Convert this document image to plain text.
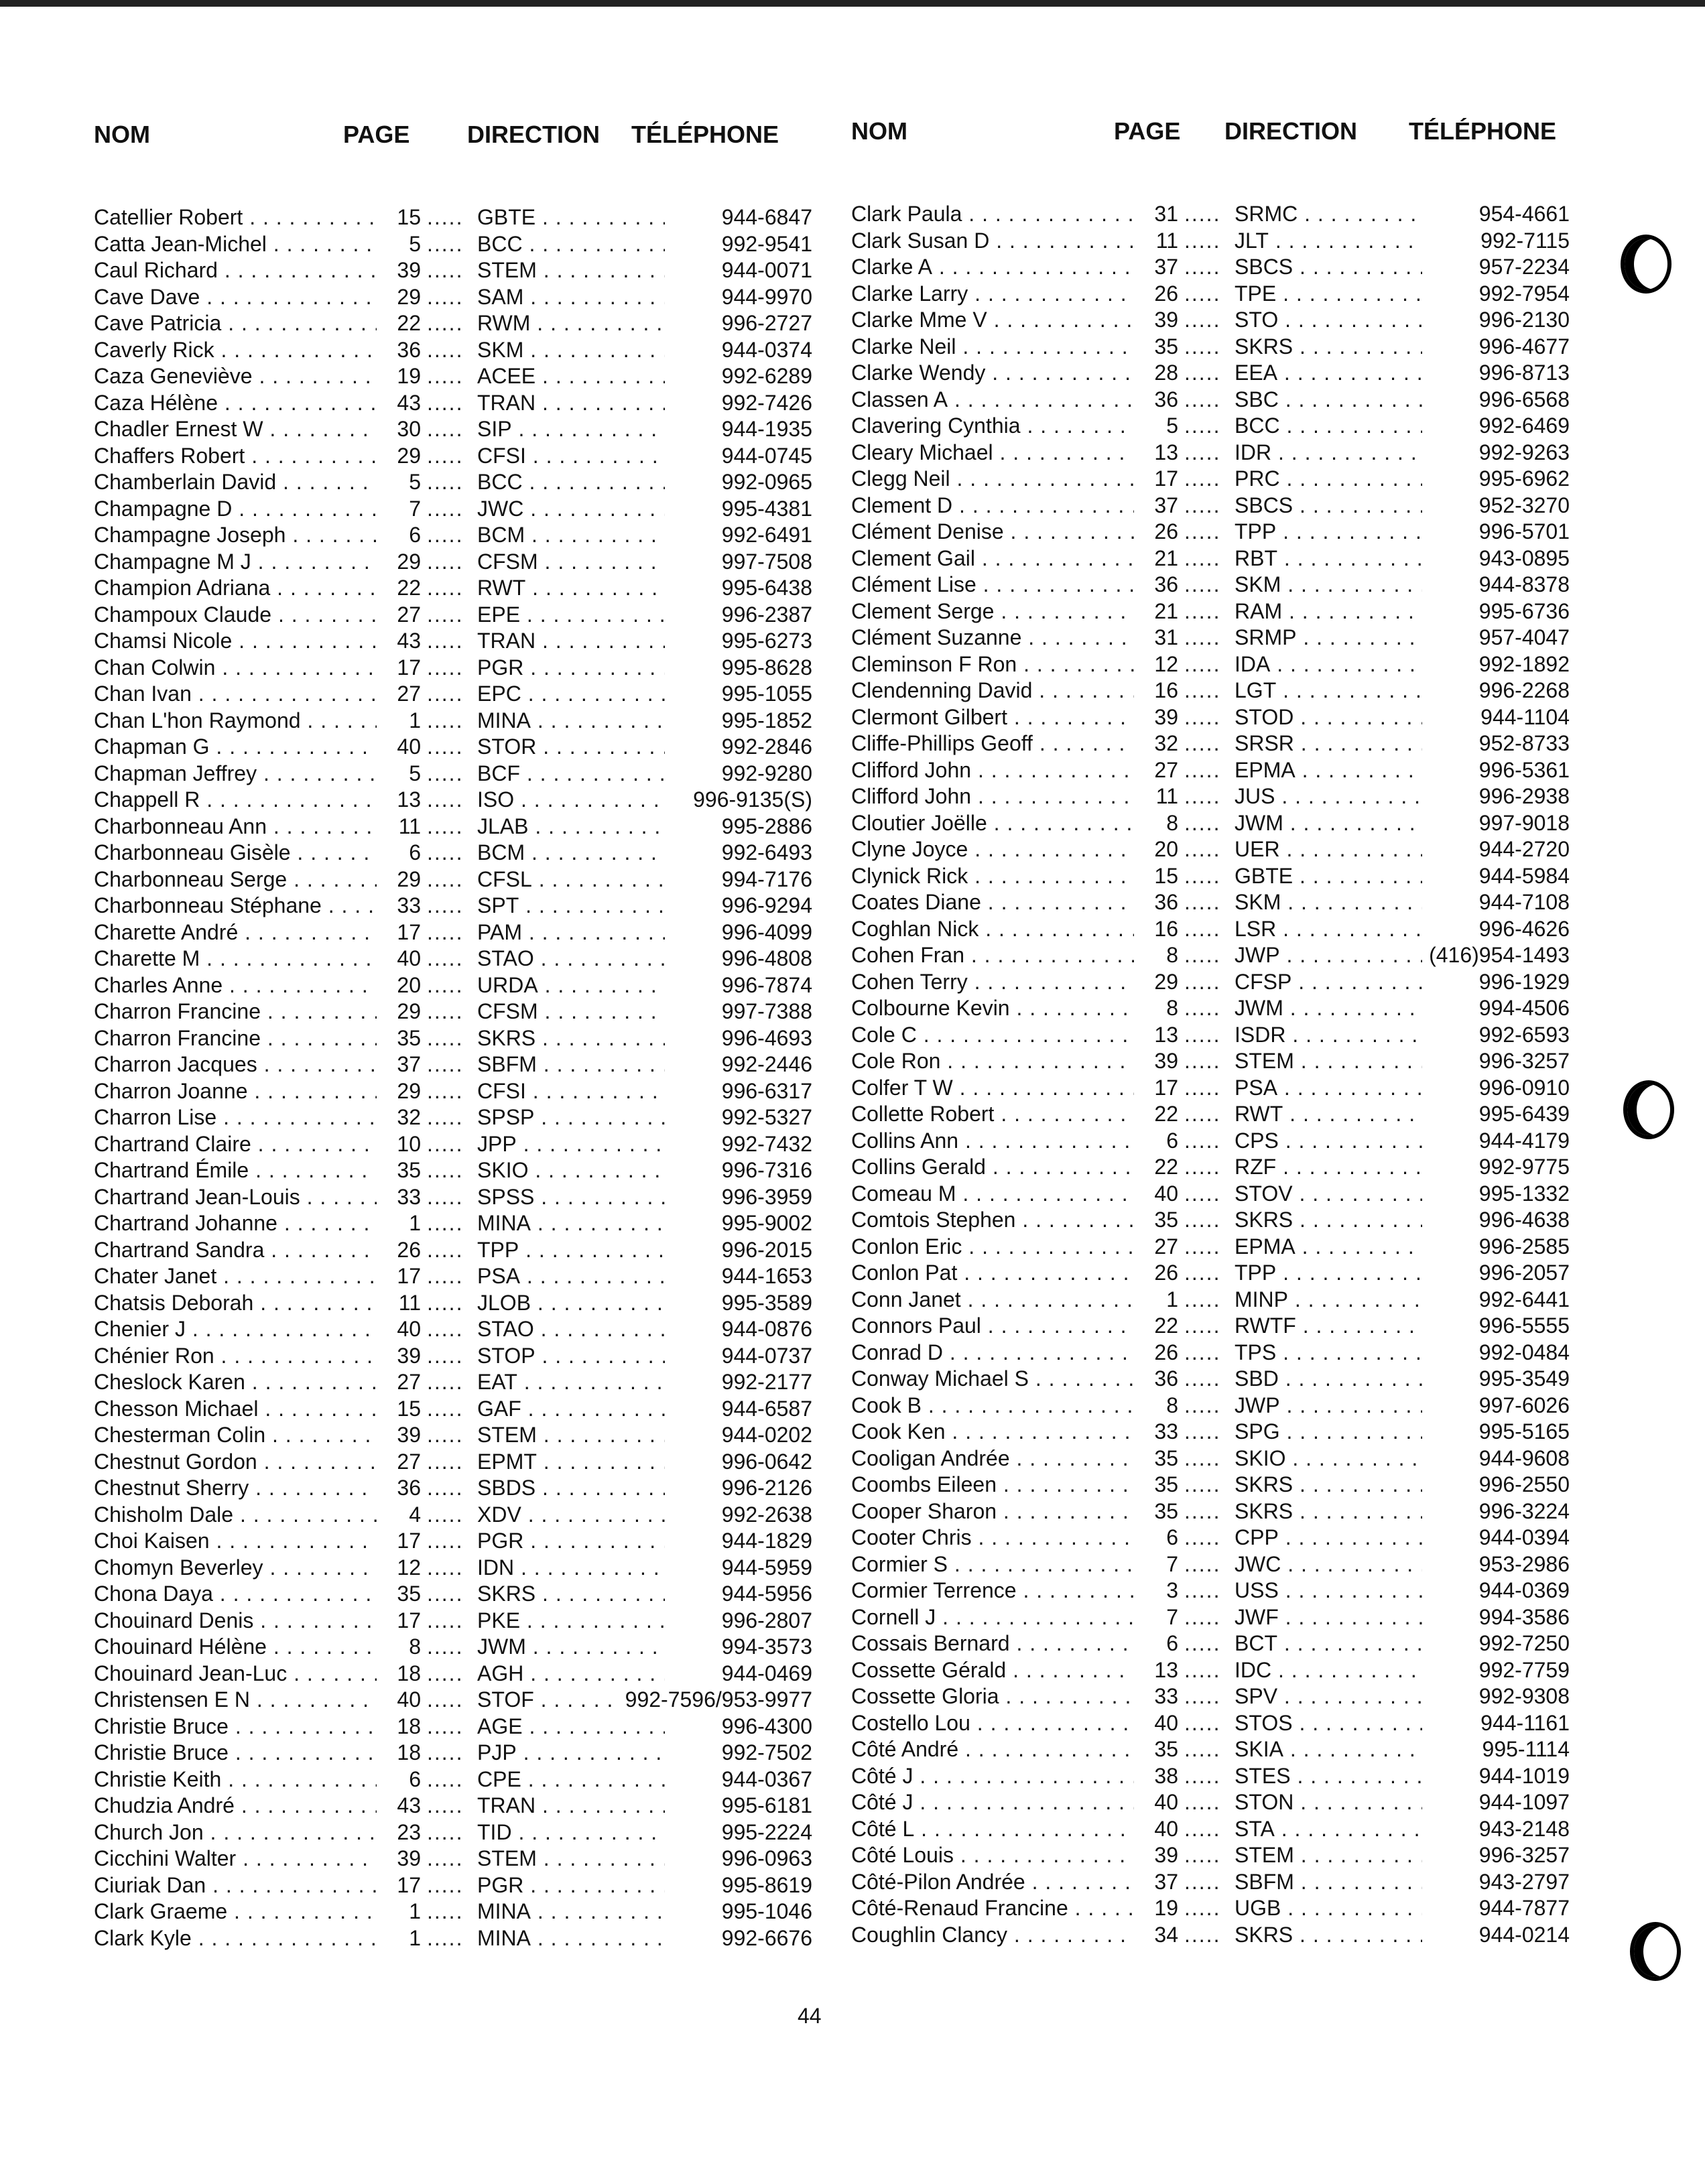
NOM	PAGE DIRECTION TÉLÉPHONE
Catellier Robert . . .	15 ..... GBTE . . .	944-6847
Catta Jean-Michel . . .	5 ..... BCC . . .	992-9541
Caul Richard . . .	39 ..... STEM . . .	944-0071
Cave Dave . . .	29 ..... SAM . . .	944-9970
Cave Patricia . . .	22 ..... RWM . . .	996-2727
Caverly Rick . . .	36 ..... SKM . . .	944-0374
Caza Geneviève . . .	19 ..... ACEE . . .	992-6289
Caza Hélène . . .	43 ..... TRAN . . .	992-7426
Chadler Ernest W . . .	30 ..... SIP . . .	944-1935
Chaffers Robert . . .	29 ..... CFSI . . .	944-0745
Chamberlain David . . .	5 ..... BCC . . .	992-0965
Champagne D . . .	7 ..... JWC . . .	995-4381
Champagne Joseph . . .	6 ..... BCM . . .	992-6491
Champagne M J . . .	29 ..... CFSM . . .	997-7508
Champion Adriana . . .	22 ..... RWT . . .	995-6438
Champoux Claude . . .	27 ..... EPE . . .	996-2387
Chamsi Nicole . . .	43 ..... TRAN . . .	995-6273
Chan Colwin . . .	17 ..... PGR . . .	995-8628
Chan Ivan . . .	27 ..... EPC . . .	995-1055
Chan L'hon Raymond . . .	1 ..... MINA . . .	995-1852
Chapman G . . .	40 ..... STOR . . .	992-2846
Chapman Jeffrey . . .	5 ..... BCF . . .	992-9280
Chappell R . . .	13 ..... ISO . . .	996-9135(S)
Charbonneau Ann . . .	11 ..... JLAB . . .	995-2886
Charbonneau Gisèle . . .	6 ..... BCM . . .	992-6493
Charbonneau Serge . . .	29 ..... CFSL . . .	994-7176
Charbonneau Stéphane . . .	33 ..... SPT . . .	996-9294
Charette André . . .	17 ..... PAM . . .	996-4099
Charette M . . .	40 ..... STAO . . .	996-4808
Charles Anne . . .	20 ..... URDA . . .	996-7874
Charron Francine . . .	29 ..... CFSM . . .	997-7388
Charron Francine . . .	35 ..... SKRS . . .	996-4693
Charron Jacques . . .	37 ..... SBFM . . .	992-2446
Charron Joanne . . .	29 ..... CFSI . . .	996-6317
Charron Lise . . .	32 ..... SPSP . . .	992-5327
Chartrand Claire . . .	10 ..... JPP . . .	992-7432
Chartrand Émile . . .	35 ..... SKIO . . .	996-7316
Chartrand Jean-Louis . . .	33 ..... SPSS . . .	996-3959
Chartrand Johanne . . .	1 ..... MINA . . .	995-9002
Chartrand Sandra . . .	26 ..... TPP . . .	996-2015
Chater Janet . . .	17 ..... PSA . . .	944-1653
Chatsis Deborah . . .	11 ..... JLOB . . .	995-3589
Chenier J . . .	40 ..... STAO . . .	944-0876
Chénier Ron . . .	39 ..... STOP . . .	944-0737
Cheslock Karen . . .	27 ..... EAT . . .	992-2177
Chesson Michael . . .	15 ..... GAF . . .	944-6587
Chesterman Colin . . .	39 ..... STEM . . .	944-0202
Chestnut Gordon . . .	27 ..... EPMT . . .	996-0642
Chestnut Sherry . . .	36 ..... SBDS . . .	996-2126
Chisholm Dale . . .	4 ..... XDV . . .	992-2638
Choi Kaisen . . .	17 ..... PGR . . .	944-1829
Chomyn Beverley . . .	12 ..... IDN . . .	944-5959
Chona Daya . . .	35 ..... SKRS . . .	944-5956
Chouinard Denis . . .	17 ..... PKE . . .	996-2807
Chouinard Hélène . . .	8 ..... JWM . . .	994-3573
Chouinard Jean-Luc . . .	18 ..... AGH . . .	944-0469
Christensen E N . . .	40 ..... STOF . . .	992-7596/953-9977
Christie Bruce . . .	18 ..... AGE . . .	996-4300
Christie Bruce . . .	18 ..... PJP . . .	992-7502
Christie Keith . . .	6 ..... CPE . . .	944-0367
Chudzia André . . .	43 ..... TRAN . . .	995-6181
Church Jon . . .	23 ..... TID . . .	995-2224
Cicchini Walter . . .	39 ..... STEM . . .	996-0963
Ciuriak Dan . . .	17 ..... PGR . . .	995-8619
Clark Graeme . . .	1 ..... MINA . . .	995-1046
Clark Kyle . . .	1 ..... MINA . . .	992-6676
NOM	PAGE DIRECTION TÉLÉPHONE
Clark Paula . . .	31 ..... SRMC . . .	954-4661
Clark Susan D . . .	11 ..... JLT . . .	992-7115
Clarke A . . .	37 ..... SBCS . . .	957-2234
Clarke Larry . . .	26 ..... TPE . . .	992-7954
Clarke Mme V . . .	39 ..... STO . . .	996-2130
Clarke Neil . . .	35 ..... SKRS . . .	996-4677
Clarke Wendy . . .	28 ..... EEA . . .	996-8713
Classen A . . .	36 ..... SBC . . .	996-6568
Clavering Cynthia . . .	5 ..... BCC . . .	992-6469
Cleary Michael . . .	13 ..... IDR . . .	992-9263
Clegg Neil . . .	17 ..... PRC . . .	995-6962
Clement D . . .	37 ..... SBCS . . .	952-3270
Clément Denise . . .	26 ..... TPP . . .	996-5701
Clement Gail . . .	21 ..... RBT . . .	943-0895
Clément Lise . . .	36 ..... SKM . . .	944-8378
Clement Serge . . .	21 ..... RAM . . .	995-6736
Clément Suzanne . . .	31 ..... SRMP . . .	957-4047
Cleminson F Ron . . .	12 ..... IDA . . .	992-1892
Clendenning David . . .	16 ..... LGT . . .	996-2268
Clermont Gilbert . . .	39 ..... STOD . . .	944-1104
Cliffe-Phillips Geoff . . .	32 ..... SRSR . . .	952-8733
Clifford John . . .	27 ..... EPMA . . .	996-5361
Clifford John . . .	11 ..... JUS . . .	996-2938
Cloutier Joëlle . . .	8 ..... JWM . . .	997-9018
Clyne Joyce . . .	20 ..... UER . . .	944-2720
Clynick Rick . . .	15 ..... GBTE . . .	944-5984
Coates Diane . . .	36 ..... SKM . . .	944-7108
Coghlan Nick . . .	16 ..... LSR . . .	996-4626
Cohen Fran . . .	8 ..... JWP . . .	(416)954-1493
Cohen Terry . . .	29 ..... CFSP . . .	996-1929
Colbourne Kevin . . .	8 ..... JWM . . .	994-4506
Cole C . . .	13 ..... ISDR . . .	992-6593
Cole Ron . . .	39 ..... STEM . . .	996-3257
Colfer T W . . .	17 ..... PSA . . .	996-0910
Collette Robert . . .	22 ..... RWT . . .	995-6439
Collins Ann . . .	6 ..... CPS . . .	944-4179
Collins Gerald . . .	22 ..... RZF . . .	992-9775
Comeau M . . .	40 ..... STOV . . .	995-1332
Comtois Stephen . . .	35 ..... SKRS . . .	996-4638
Conlon Eric . . .	27 ..... EPMA . . .	996-2585
Conlon Pat . . .	26 ..... TPP . . .	996-2057
Conn Janet . . .	1 ..... MINP . . .	992-6441
Connors Paul . . .	22 ..... RWTF . . .	996-5555
Conrad D . . .	26 ..... TPS . . .	992-0484
Conway Michael S . . .	36 ..... SBD . . .	995-3549
Cook B . . .	8 ..... JWP . . .	997-6026
Cook Ken . . .	33 ..... SPG . . .	995-5165
Cooligan Andrée . . .	35 ..... SKIO . . .	944-9608
Coombs Eileen . . .	35 ..... SKRS . . .	996-2550
Cooper Sharon . . .	35 ..... SKRS . . .	996-3224
Cooter Chris . . .	6 ..... CPP . . .	944-0394
Cormier S . . .	7 ..... JWC . . .	953-2986
Cormier Terrence . . .	3 ..... USS . . .	944-0369
Cornell J . . .	7 ..... JWF . . .	994-3586
Cossais Bernard . . .	6 ..... BCT . . .	992-7250
Cossette Gérald . . .	13 ..... IDC . . .	992-7759
Cossette Gloria . . .	33 ..... SPV . . .	992-9308
Costello Lou . . .	40 ..... STOS . . .	944-1161
Côté André . . .	35 ..... SKIA . . .	995-1114
Côté J . . .	38 ..... STES . . .	944-1019
Côté J . . .	40 ..... STON . . .	944-1097
Côté L . . .	40 ..... STA . . .	943-2148
Côté Louis . . .	39 ..... STEM . . .	996-3257
Côté-Pilon Andrée . . .	37 ..... SBFM . . .	943-2797
Côté-Renaud Francine . . .	19 ..... UGB . . .	944-7877
Coughlin Clancy . . .	34 ..... SKRS . . .	944-0214
44
